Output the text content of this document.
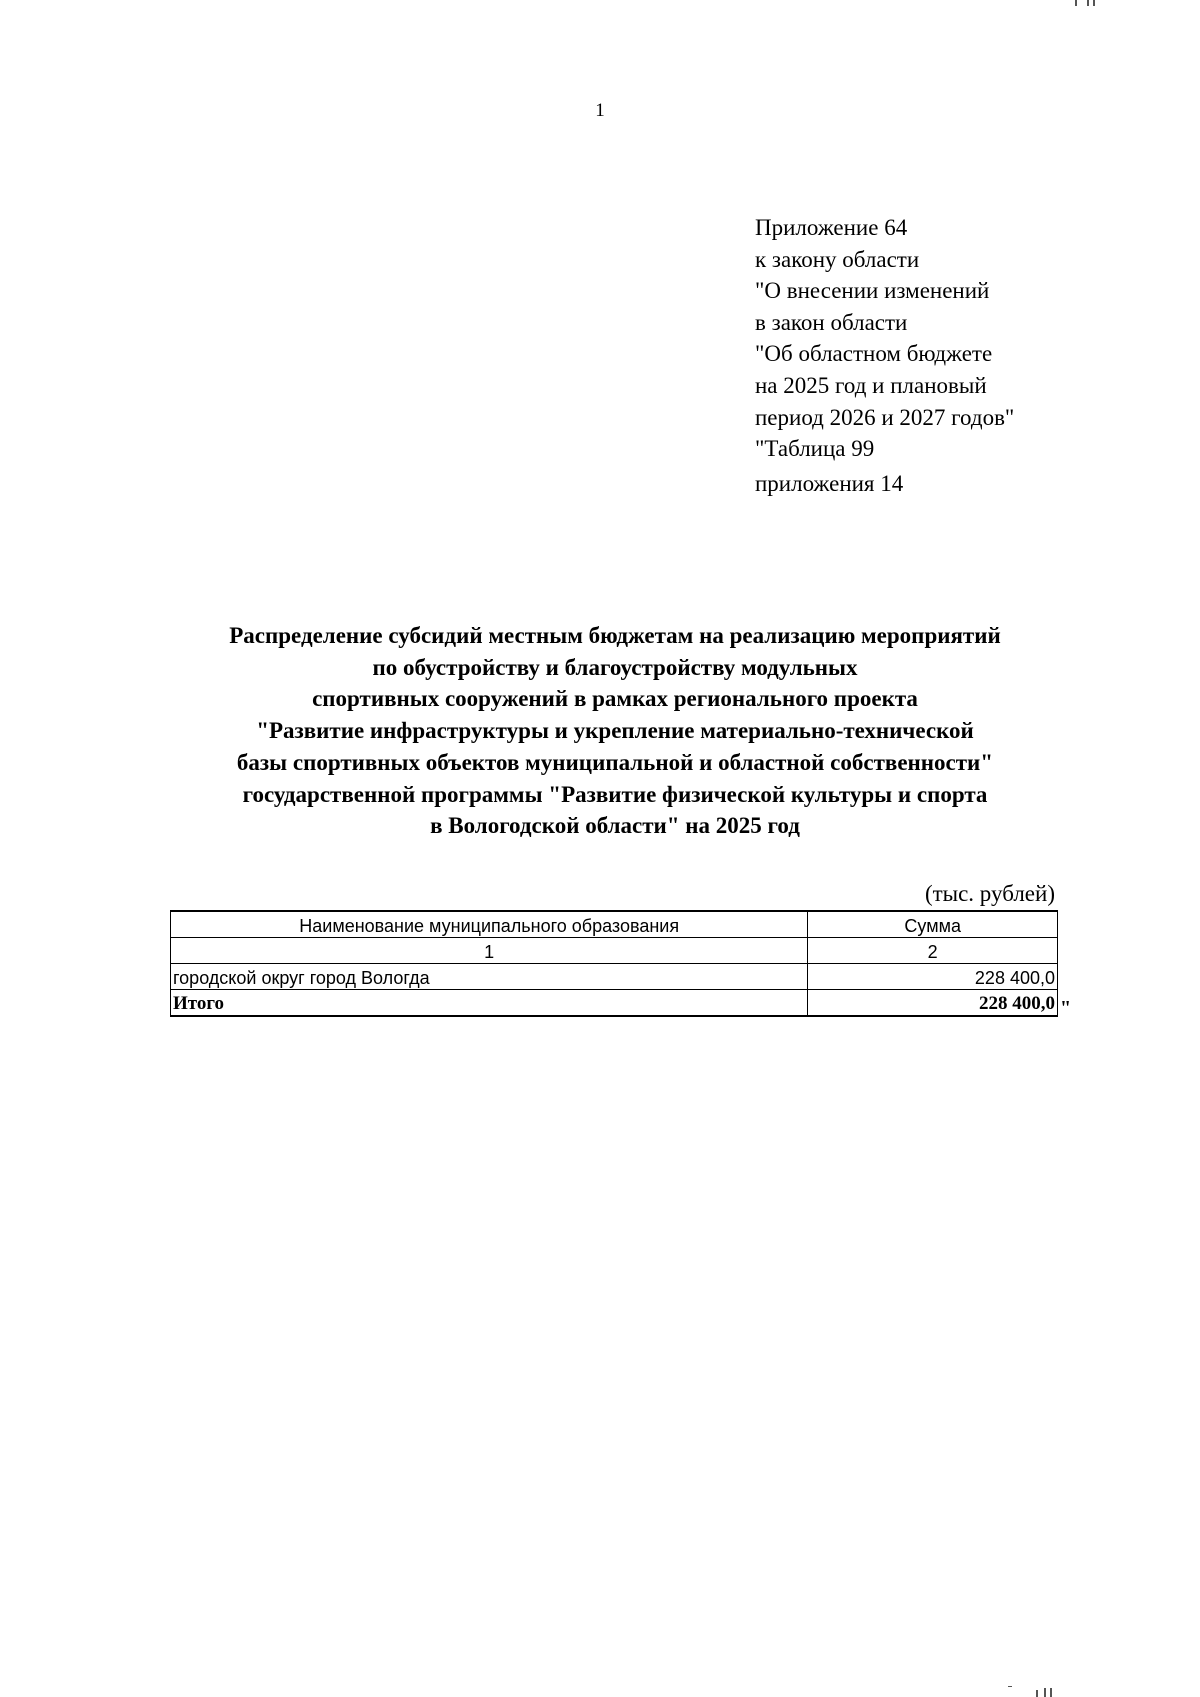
1
Приложение 64
к закону области
"О внесении изменений
в закон области
"Об областном бюджете
на 2025 год и плановый
период 2026 и 2027 годов"
"Таблица 99
приложения 14
Распределение субсидий местным бюджетам на реализацию мероприятий
по обустройству и благоустройству модульных
спортивных сооружений в рамках регионального проекта
"Развитие инфраструктуры и укрепление материально-технической
базы спортивных объектов муниципальной и областной собственности"
государственной программы "Развитие физической культуры и спорта
в Вологодской области" на 2025 год
(тыс. рублей)
Наименование муниципального образования	Сумма
1	2
городской округ город Вологда	228 400,0
Итого	228 400,0 "
